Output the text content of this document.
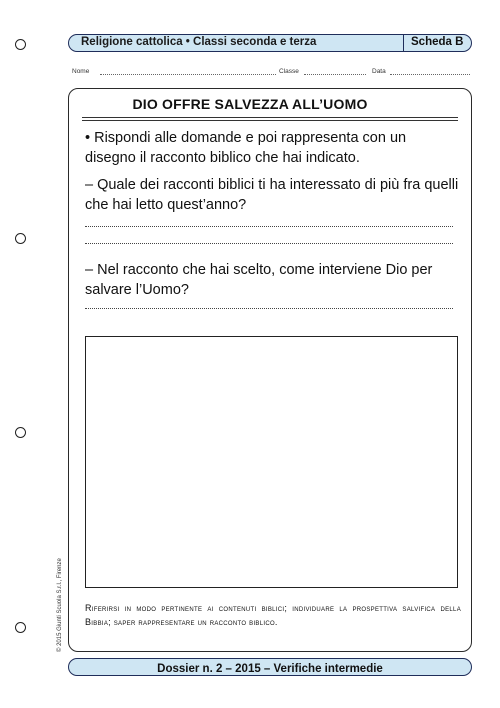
Religione cattolica • Classi seconda e terza	Scheda B
Nome	Classe	Data
DIO OFFRE SALVEZZA ALL’UOMO
• Rispondi alle domande e poi rappresenta con un disegno il racconto biblico che hai indicato.
– Quale dei racconti biblici ti ha interessato di più fra quelli che hai letto quest’anno?
– Nel racconto che hai scelto, come interviene Dio per salvare l’Uomo?
Riferirsi in modo pertinente ai contenuti biblici; individuare la prospettiva salvifica della Bibbia; saper rappresentare un racconto biblico.
Dossier n. 2 – 2015 – Verifiche intermedie
© 2015 Giunti Scuola S.r.l., Firenze
